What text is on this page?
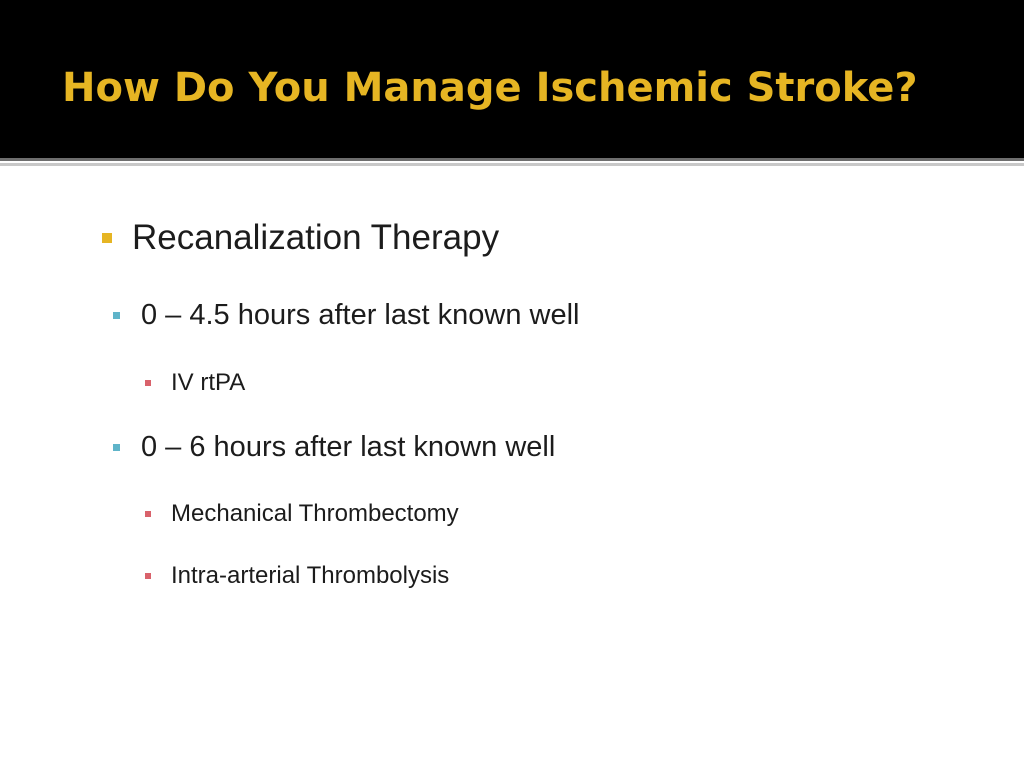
How Do You Manage Ischemic Stroke?
Recanalization Therapy
0 – 4.5 hours after last known well
IV rtPA
0 – 6 hours after last known well
Mechanical Thrombectomy
Intra-arterial Thrombolysis
